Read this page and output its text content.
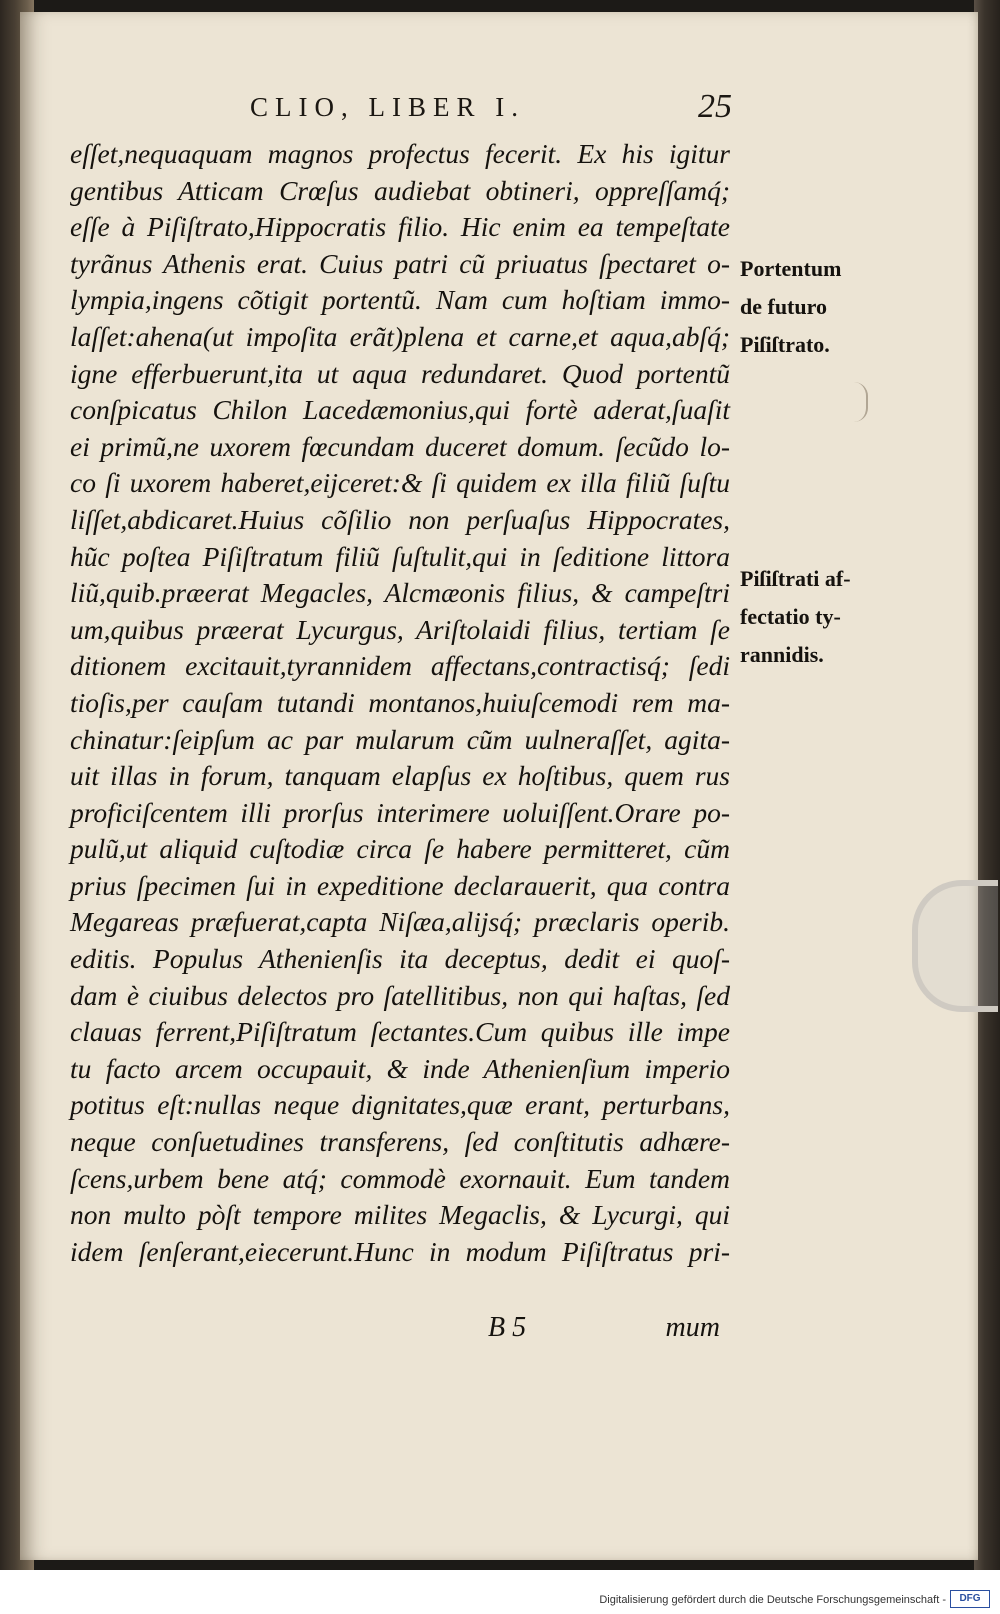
CLIO, LIBER I.	25
eſſet,nequaquam magnos profectus fecerit. Ex his igitur
gentibus Atticam Crœſus audiebat obtineri, oppreſſamq́;
eſſe à Piſiſtrato,Hippocratis filio. Hic enim ea tempeſtate
tyrãnus Athenis erat. Cuius patri cũ priuatus ſpectaret o-
lympia,ingens cõtigit portentũ. Nam cum hoſtiam immo-
laſſet:ahena(ut impoſita erãt)plena et carne,et aqua,abſq́;
igne efferbuerunt,ita ut aqua redundaret. Quod portentũ
conſpicatus Chilon Lacedæmonius,qui fortè aderat,ſuaſit
ei primũ,ne uxorem fœcundam duceret domum. ſecũdo lo-
co ſi uxorem haberet,eijceret:& ſi quidem ex illa filiũ ſuſtu
liſſet,abdicaret.Huius cõſilio non perſuaſus Hippocrates,
hũc poſtea Piſiſtratum filiũ ſuſtulit,qui in ſeditione littora
liũ,quib.præerat Megacles, Alcmæonis filius, & campeſtri
um,quibus præerat Lycurgus, Ariſtolaidi filius, tertiam ſe
ditionem excitauit,tyrannidem affectans,contractisq́; ſedi
tioſis,per cauſam tutandi montanos,huiuſcemodi rem ma-
chinatur:ſeipſum ac par mularum cũm uulneraſſet, agita-
uit illas in forum, tanquam elapſus ex hoſtibus, quem rus
proficiſcentem illi prorſus interimere uoluiſſent.Orare po-
pulũ,ut aliquid cuſtodiæ circa ſe habere permitteret, cũm
prius ſpecimen ſui in expeditione declarauerit, qua contra
Megareas præfuerat,capta Niſæa,alijsq́; præclaris operib.
editis. Populus Athenienſis ita deceptus, dedit ei quoſ-
dam è ciuibus delectos pro ſatellitibus, non qui haſtas, ſed
clauas ferrent,Piſiſtratum ſectantes.Cum quibus ille impe
tu facto arcem occupauit, & inde Athenienſium imperio
potitus eſt:nullas neque dignitates,quæ erant, perturbans,
neque conſuetudines transferens, ſed conſtitutis adhære-
ſcens,urbem bene atq́; commodè exornauit. Eum tandem
non multo pòſt tempore milites Megaclis, & Lycurgi, qui
idem ſenſerant,eiecerunt.Hunc in modum Piſiſtratus pri-
Portentum
de futuro
Piſiſtrato.
Piſiſtrati af-
fectatio ty-
rannidis.
B 5	mum
Digitalisierung gefördert durch die Deutsche Forschungsgemeinschaft -	DFG
